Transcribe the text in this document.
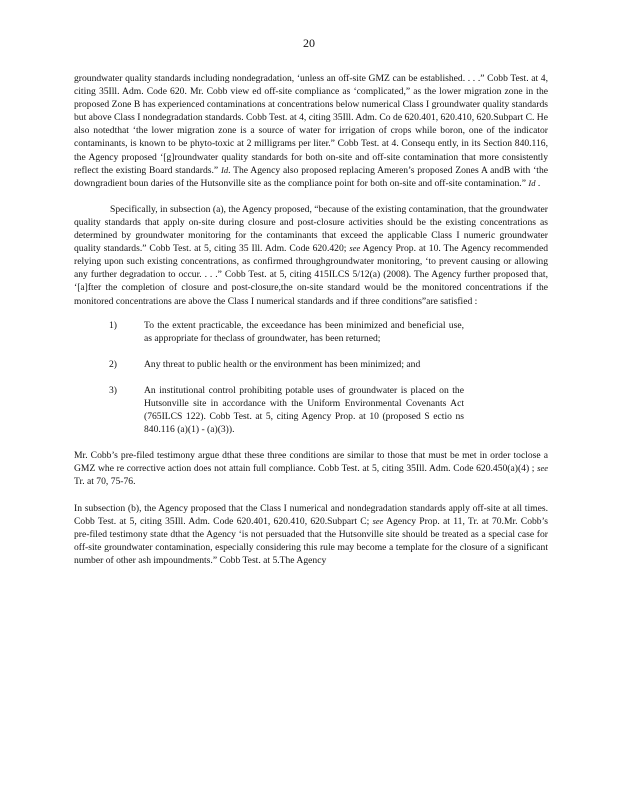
20

groundwater quality standards including nondegradation, ‘unless an off-site GMZ can be established. . . .” Cobb Test. at 4, citing 35Ill. Adm. Code 620. Mr. Cobb view ed off-site compliance as ‘complicated,” as the lower migration zone in the proposed Zone B has experienced contaminations at concentrations below numerical Class I groundwater quality standards but above Class I nondegradation standards. Cobb Test. at 4, citing 35Ill. Adm. Co de 620.401, 620.410, 620.Subpart C. He also notedthat ‘the lower migration zone is a source of water for irrigation of crops while boron, one of the indicator contaminants, is known to be phyto-toxic at 2 milligrams per liter.” Cobb Test. at 4. Consequ ently, in its Section 840.116, the Agency proposed ‘[g]roundwater quality standards for both on-site and off-site contamination that more consistently reflect the existing Board standards.” Id. The Agency also proposed replacing Ameren’s proposed Zones A andB with ‘the downgradient boun daries of the Hutsonville site as the compliance point for both on-site and off-site contamination.” Id .

Specifically, in subsection (a), the Agency proposed, “because of the existing contamination, that the groundwater quality standards that apply on-site during closure and post-closure activities should be the existing concentrations as determined by groundwater monitoring for the contaminants that exceed the applicable Class I numeric groundwater quality standards.” Cobb Test. at 5, citing 35 Ill. Adm. Code 620.420; see Agency Prop. at 10. The Agency recommended relying upon such existing concentrations, as confirmed throughgroundwater monitoring, ‘to prevent causing or allowing any further degradation to occur. . . .” Cobb Test. at 5, citing 415ILCS 5/12(a) (2008). The Agency further proposed that, ‘[a]fter the completion of closure and post-closure,the on-site standard would be the monitored concentrations if the monitored concentrations are above the Class I numerical standards and if three conditions”are satisfied :

1)	To the extent practicable, the exceedance has been minimized and beneficial use, as appropriate for theclass of groundwater, has been returned;
2)	Any threat to public health or the environment has been minimized; and
3)	An institutional control prohibiting potable uses of groundwater is placed on the Hutsonville site in accordance with the Uniform Environmental Covenants Act (765ILCS 122). Cobb Test. at 5, citing Agency Prop. at 10 (proposed S ectio ns 840.116 (a)(1) - (a)(3)).

Mr. Cobb’s pre-filed testimony argue dthat these three conditions are similar to those that must be met in order toclose a GMZ whe re corrective action does not attain full compliance. Cobb Test. at 5, citing 35Ill. Adm. Code 620.450(a)(4) ; see Tr. at 70, 75-76.

In subsection (b), the Agency proposed that the Class I numerical and nondegradation standards apply off-site at all times. Cobb Test. at 5, citing 35Ill. Adm. Code 620.401, 620.410, 620.Subpart C; see Agency Prop. at 11, Tr. at 70.Mr. Cobb’s pre-filed testimony state dthat the Agency ‘is not persuaded that the Hutsonville site should be treated as a special case for off-site groundwater contamination, especially considering this rule may become a template for the closure of a significant number of other ash impoundments.” Cobb Test. at 5.The Agency
